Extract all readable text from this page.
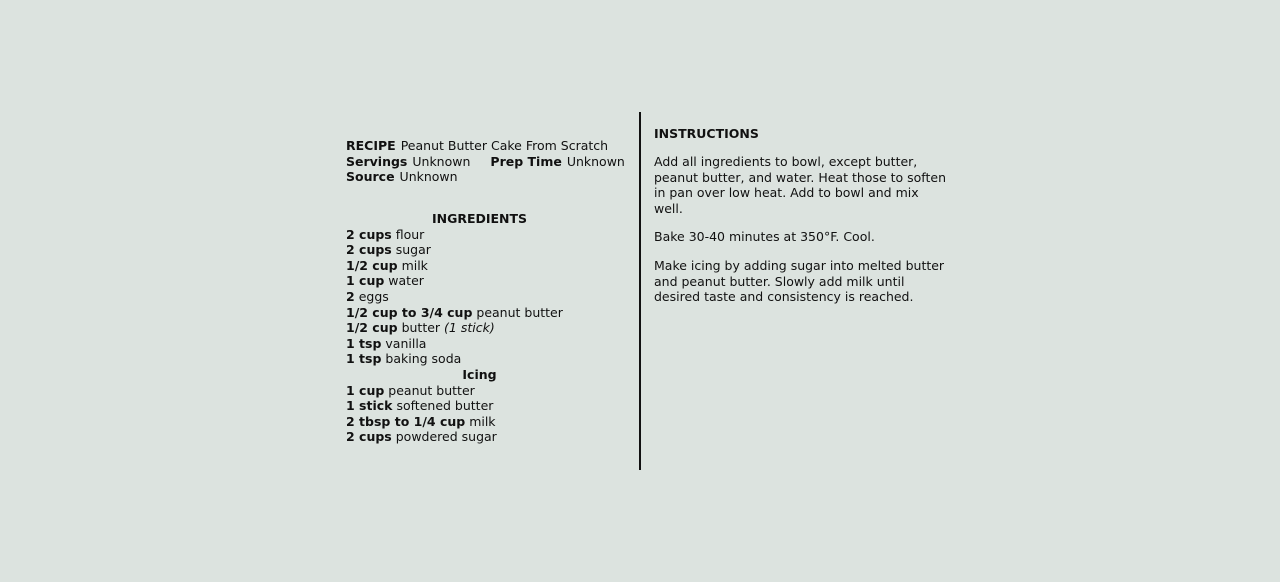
RECIPE Peanut Butter Cake From Scratch
Servings Unknown Prep Time Unknown
Source Unknown
INGREDIENTS
2 cups flour
2 cups sugar
1/2 cup milk
1 cup water
2 eggs
1/2 cup to 3/4 cup peanut butter
1/2 cup butter (1 stick)
1 tsp vanilla
1 tsp baking soda
Icing
1 cup peanut butter
1 stick softened butter
2 tbsp to 1/4 cup milk
2 cups powdered sugar
INSTRUCTIONS

Add all ingredients to bowl, except butter, peanut butter, and water. Heat those to soften in pan over low heat. Add to bowl and mix well.

Bake 30-40 minutes at 350°F. Cool.

Make icing by adding sugar into melted butter and peanut butter. Slowly add milk until desired taste and consistency is reached.
